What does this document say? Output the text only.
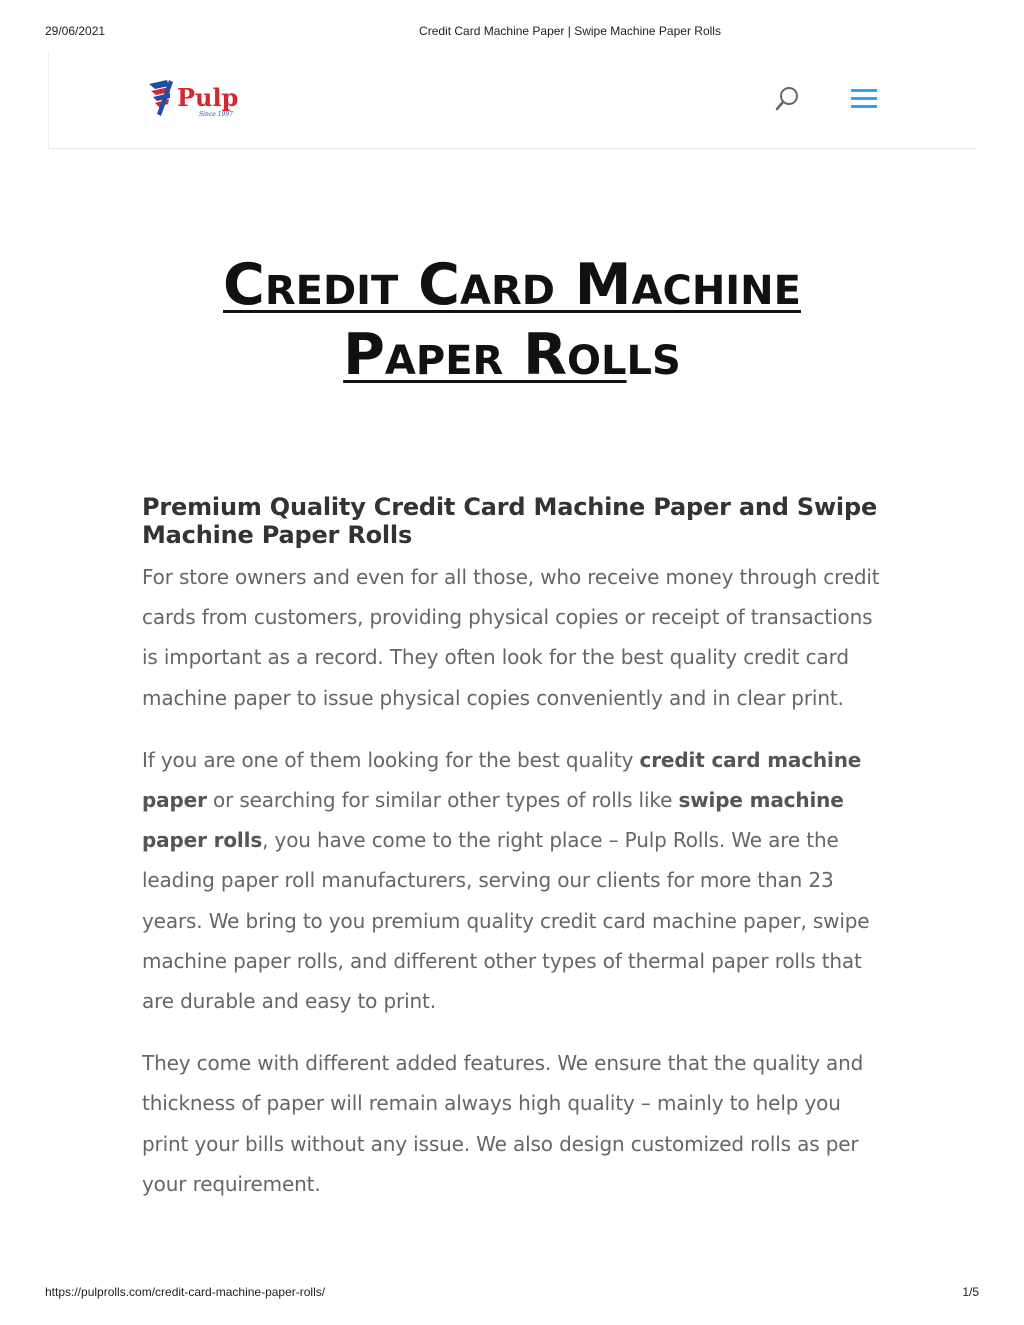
29/06/2021	Credit Card Machine Paper | Swipe Machine Paper Rolls
Pulp
Since 1997
Credit Card Machine
Paper Rolls
Premium Quality Credit Card Machine Paper and Swipe Machine Paper Rolls

For store owners and even for all those, who receive money through credit cards from customers, providing physical copies or receipt of transactions is important as a record. They often look for the best quality credit card machine paper to issue physical copies conveniently and in clear print.

If you are one of them looking for the best quality credit card machine paper or searching for similar other types of rolls like swipe machine paper rolls, you have come to the right place – Pulp Rolls. We are the leading paper roll manufacturers, serving our clients for more than 23 years. We bring to you premium quality credit card machine paper, swipe machine paper rolls, and different other types of thermal paper rolls that are durable and easy to print.

They come with different added features. We ensure that the quality and thickness of paper will remain always high quality – mainly to help you print your bills without any issue. We also design customized rolls as per your requirement.

https://pulprolls.com/credit-card-machine-paper-rolls/	1/5
